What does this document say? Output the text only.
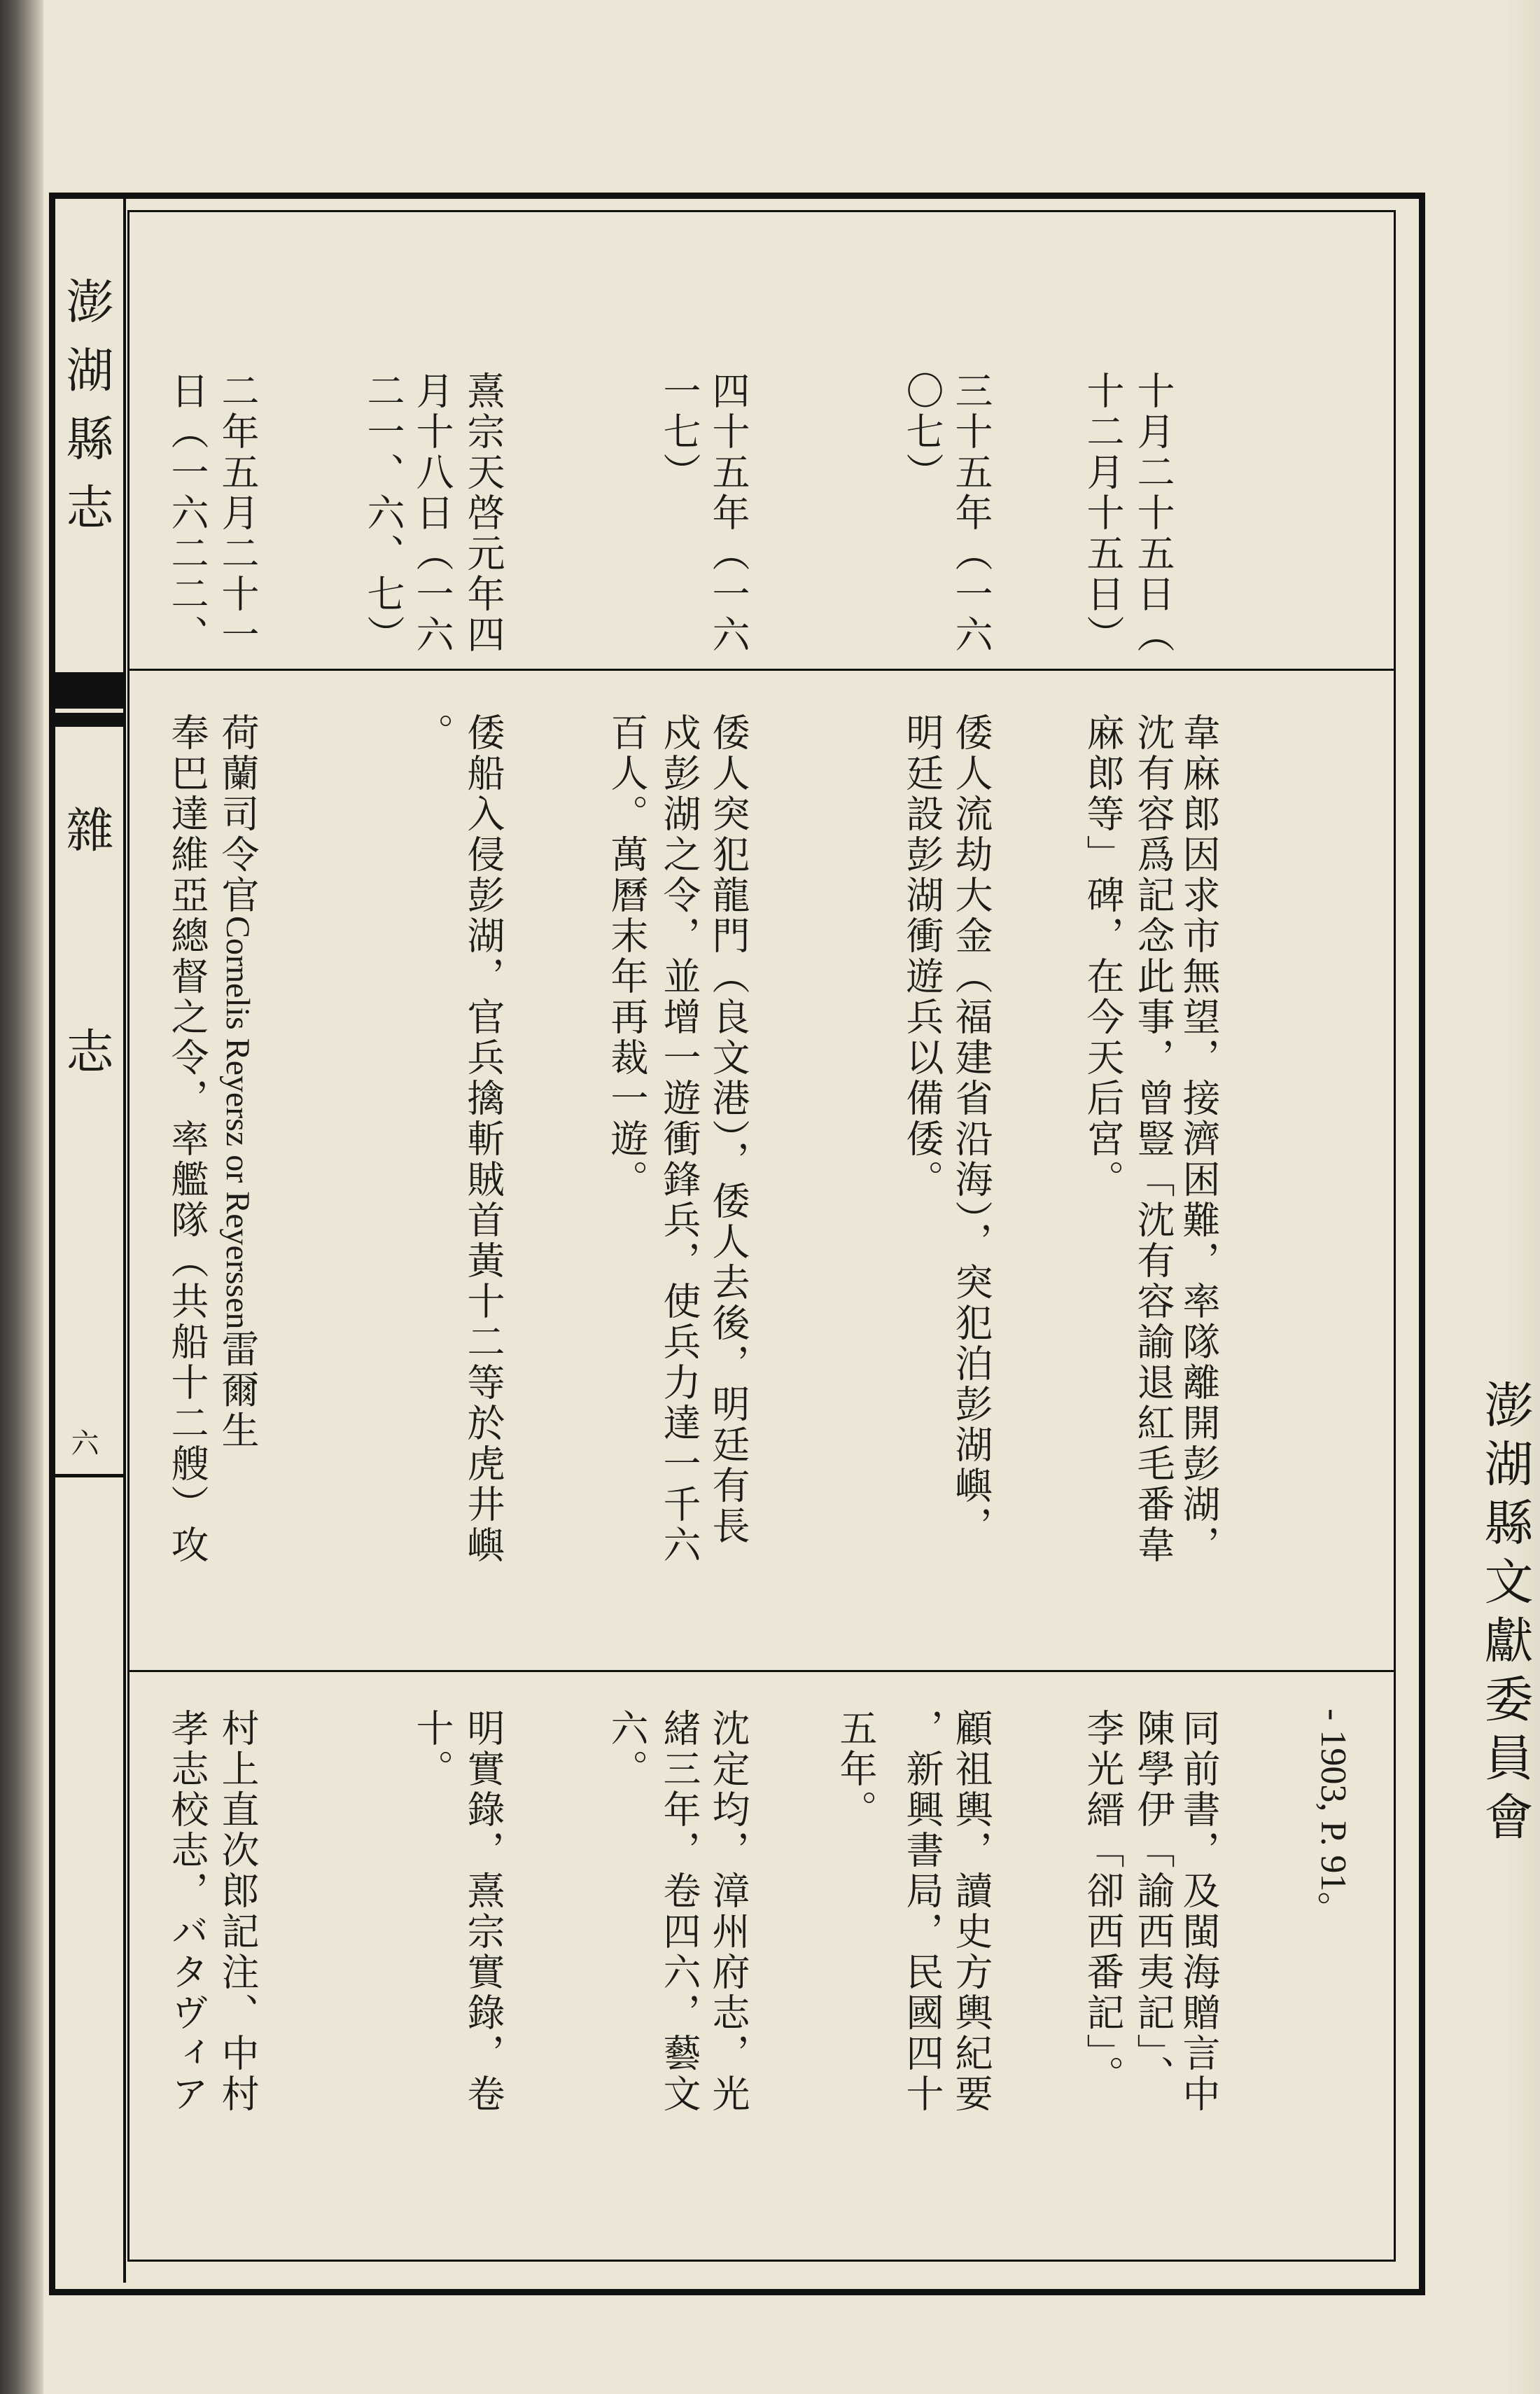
澎湖縣志
雜　志
六	澎湖縣文獻委員會
十月二十五日（
十二月十五日）
韋麻郎因求市無望，接濟困難，率隊離開彭湖，
沈有容爲記念此事，曾豎「沈有容諭退紅毛番韋
麻郎等」碑，在今天后宮。
- 1903, P. 91。
同前書，及閩海贈言中
陳學伊「諭西夷記」、
李光縉「卻西番記」。
三十五年（一六
〇七）
倭人流劫大金（福建省沿海），突犯泊彭湖嶼，
明廷設彭湖衝遊兵以備倭。
顧祖輿，讀史方輿紀要
，新興書局，民國四十
五年。
四十五年（一六
一七）
倭人突犯龍門（良文港），倭人去後，明廷有長
戍彭湖之令，並增一遊衝鋒兵，使兵力達一千六
百人。萬曆末年再裁一遊。
沈定均，漳州府志，光
緒三年，卷四六，藝文
六。
熹宗天啓元年四
月十八日（一六
二一、六、七）
倭船入侵彭湖，官兵擒斬賊首黃十二等於虎井嶼
。
明實錄，熹宗實錄，卷
十。
二年五月二十一
日（一六二二、
荷蘭司令官Cornelis Reyersz or Reyerssen雷爾生
奉巴達維亞總督之令，率艦隊（共船十二艘）攻
村上直次郎記注、中村
孝志校志，バタヴィア
